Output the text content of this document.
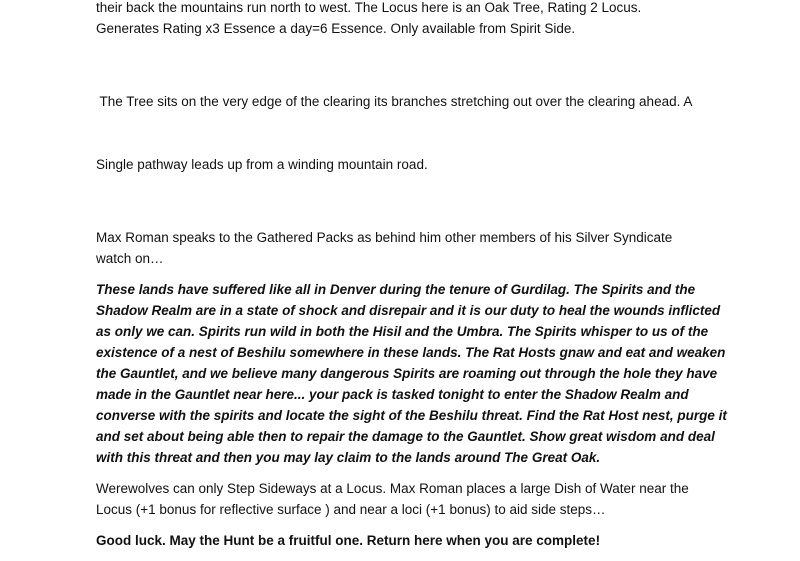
their back the mountains run north to west. The Locus here is an Oak Tree, Rating 2 Locus.
Generates Rating x3 Essence a day=6 Essence. Only available from Spirit Side.

The Tree sits on the very edge of the clearing its branches stretching out over the clearing ahead. A

Single pathway leads up from a winding mountain road.

Max Roman speaks to the Gathered Packs as behind him other members of his Silver Syndicate
watch on…

These lands have suffered like all in Denver during the tenure of Gurdilag. The Spirits and the
Shadow Realm are in a state of shock and disrepair and it is our duty to heal the wounds inflicted
as only we can. Spirits run wild in both the Hisil and the Umbra. The Spirits whisper to us of the
existence of a nest of Beshilu somewhere in these lands. The Rat Hosts gnaw and eat and weaken
the Gauntlet, and we believe many dangerous Spirits are roaming out through the hole they have
made in the Gauntlet near here... your pack is tasked tonight to enter the Shadow Realm and
converse with the spirits and locate the sight of the Beshilu threat. Find the Rat Host nest, purge it
and set about being able then to repair the damage to the Gauntlet. Show great wisdom and deal
with this threat and then you may lay claim to the lands around The Great Oak.

Werewolves can only Step Sideways at a Locus. Max Roman places a large Dish of Water near the
Locus (+1 bonus for reflective surface ) and near a loci (+1 bonus) to aid side steps…

Good luck. May the Hunt be a fruitful one. Return here when you are complete!
